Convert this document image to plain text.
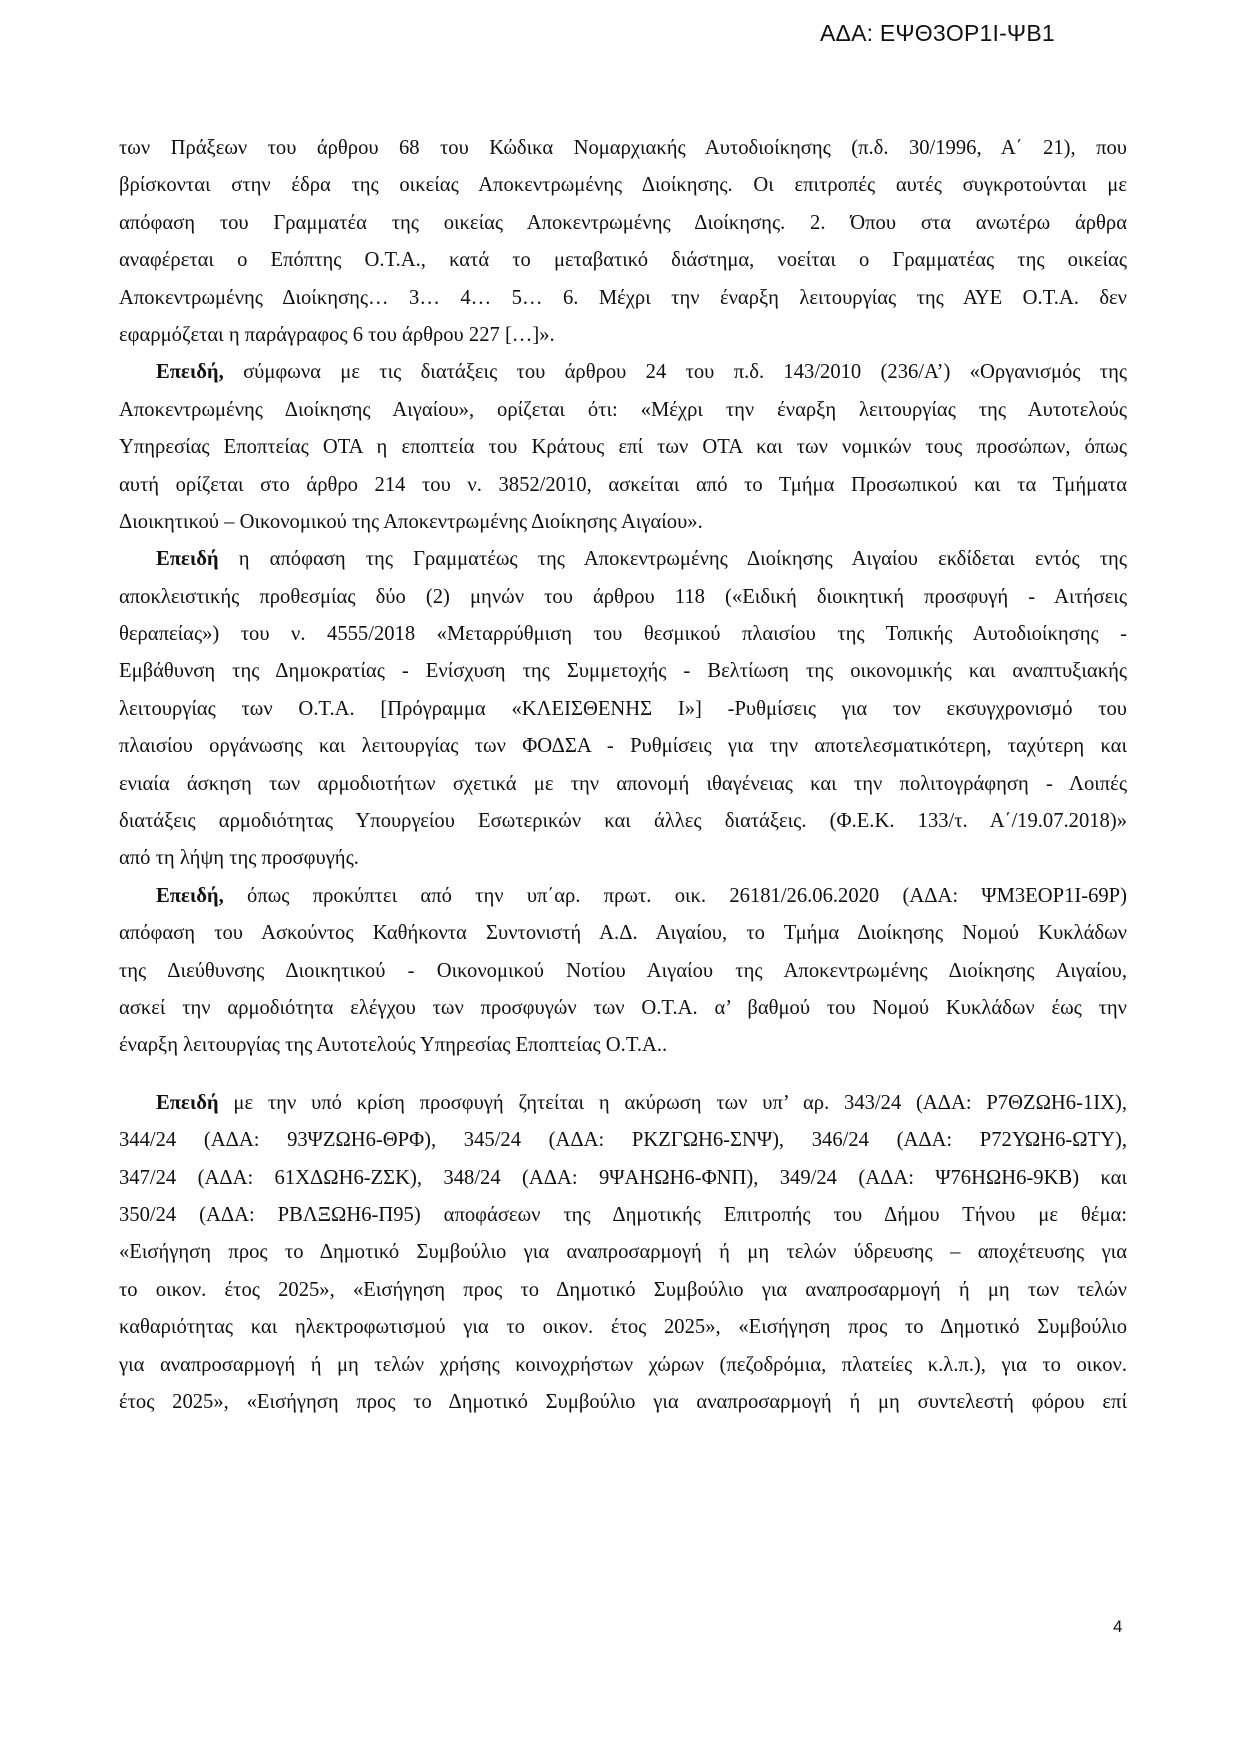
ΑΔΑ: ΕΨΘ3ΟΡ1Ι-ΨΒ1
των Πράξεων του άρθρου 68 του Κώδικα Νομαρχιακής Αυτοδιοίκησης (π.δ. 30/1996, Α΄ 21), που
βρίσκονται στην έδρα της οικείας Αποκεντρωμένης Διοίκησης. Οι επιτροπές αυτές συγκροτούνται με
απόφαση του Γραμματέα της οικείας Αποκεντρωμένης Διοίκησης. 2. Όπου στα ανωτέρω άρθρα
αναφέρεται ο Επόπτης Ο.Τ.Α., κατά το μεταβατικό διάστημα, νοείται ο Γραμματέας της οικείας
Αποκεντρωμένης Διοίκησης… 3… 4… 5… 6. Μέχρι την έναρξη λειτουργίας της ΑΥΕ Ο.Τ.Α. δεν
εφαρμόζεται η παράγραφος 6 του άρθρου 227 […]».
Επειδή, σύμφωνα με τις διατάξεις του άρθρου 24 του π.δ. 143/2010 (236/Α’) «Οργανισμός της
Αποκεντρωμένης Διοίκησης Αιγαίου», ορίζεται ότι: «Μέχρι την έναρξη λειτουργίας της Αυτοτελούς
Υπηρεσίας Εποπτείας ΟΤΑ η εποπτεία του Κράτους επί των ΟΤΑ και των νομικών τους προσώπων, όπως
αυτή ορίζεται στο άρθρο 214 του ν. 3852/2010, ασκείται από το Τμήμα Προσωπικού και τα Τμήματα
Διοικητικού – Οικονομικού της Αποκεντρωμένης Διοίκησης Αιγαίου».
Επειδή η απόφαση της Γραμματέως της Αποκεντρωμένης Διοίκησης Αιγαίου εκδίδεται εντός της
αποκλειστικής προθεσμίας δύο (2) μηνών του άρθρου 118 («Ειδική διοικητική προσφυγή - Αιτήσεις
θεραπείας») του ν. 4555/2018 «Μεταρρύθμιση του θεσμικού πλαισίου της Τοπικής Αυτοδιοίκησης -
Εμβάθυνση της Δημοκρατίας - Ενίσχυση της Συμμετοχής - Βελτίωση της οικονομικής και αναπτυξιακής
λειτουργίας των Ο.Τ.Α. [Πρόγραμμα «ΚΛΕΙΣΘΕΝΗΣ Ι»] -Ρυθμίσεις για τον εκσυγχρονισμό του
πλαισίου οργάνωσης και λειτουργίας των ΦΟΔΣΑ - Ρυθμίσεις για την αποτελεσματικότερη, ταχύτερη και
ενιαία άσκηση των αρμοδιοτήτων σχετικά με την απονομή ιθαγένειας και την πολιτογράφηση - Λοιπές
διατάξεις αρμοδιότητας Υπουργείου Εσωτερικών και άλλες διατάξεις. (Φ.Ε.Κ. 133/τ. Α΄/19.07.2018)»
από τη λήψη της προσφυγής.
Επειδή, όπως προκύπτει από την υπ΄αρ. πρωτ. οικ. 26181/26.06.2020 (ΑΔΑ: ΨΜ3ΕΟΡ1Ι-69Ρ)
απόφαση του Ασκούντος Καθήκοντα Συντονιστή Α.Δ. Αιγαίου, το Τμήμα Διοίκησης Νομού Κυκλάδων
της Διεύθυνσης Διοικητικού - Οικονομικού Νοτίου Αιγαίου της Αποκεντρωμένης Διοίκησης Αιγαίου,
ασκεί την αρμοδιότητα ελέγχου των προσφυγών των Ο.Τ.Α. α’ βαθμού του Νομού Κυκλάδων έως την
έναρξη λειτουργίας της Αυτοτελούς Υπηρεσίας Εποπτείας Ο.Τ.Α..
Επειδή με την υπό κρίση προσφυγή ζητείται η ακύρωση των υπ’ αρ. 343/24 (ΑΔΑ: Ρ7ΘΖΩΗ6-1ΙΧ),
344/24 (ΑΔΑ: 93ΨΖΩΗ6-ΘΡΦ), 345/24 (ΑΔΑ: ΡΚΖΓΩΗ6-ΣΝΨ), 346/24 (ΑΔΑ: Ρ72ΥΩΗ6-ΩΤΥ),
347/24 (ΑΔΑ: 61ΧΔΩΗ6-ΖΣΚ), 348/24 (ΑΔΑ: 9ΨΑΗΩΗ6-ΦΝΠ), 349/24 (ΑΔΑ: Ψ76ΗΩΗ6-9ΚΒ) και
350/24 (ΑΔΑ: ΡΒΛΞΩΗ6-Π95) αποφάσεων της Δημοτικής Επιτροπής του Δήμου Τήνου με θέμα:
«Εισήγηση προς το Δημοτικό Συμβούλιο για αναπροσαρμογή ή μη τελών ύδρευσης – αποχέτευσης για
το οικον. έτος 2025», «Εισήγηση προς το Δημοτικό Συμβούλιο για αναπροσαρμογή ή μη των τελών
καθαριότητας και ηλεκτροφωτισμού για το οικον. έτος 2025», «Εισήγηση προς το Δημοτικό Συμβούλιο
για αναπροσαρμογή ή μη τελών χρήσης κοινοχρήστων χώρων (πεζοδρόμια, πλατείες κ.λ.π.), για το οικον.
έτος 2025», «Εισήγηση προς το Δημοτικό Συμβούλιο για αναπροσαρμογή ή μη συντελεστή φόρου επί
4
